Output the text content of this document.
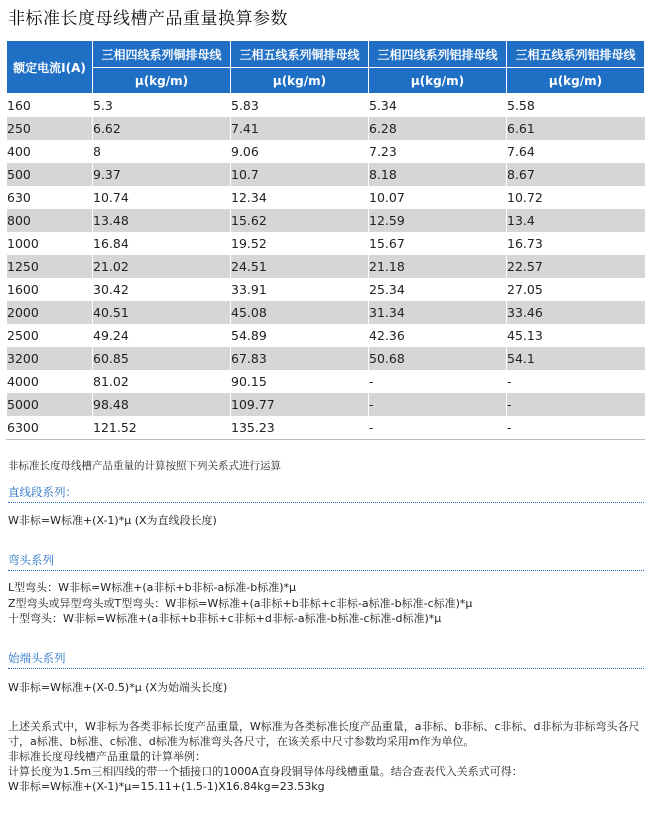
非标准长度母线槽产品重量换算参数
额定电流I(A)	三相四线系列铜排母线	三相五线系列铜排母线	三相四线系列铝排母线	三相五线系列铝排母线
	μ(kg/m)	μ(kg/m)	μ(kg/m)	μ(kg/m)
160	5.3	5.83	5.34	5.58
250	6.62	7.41	6.28	6.61
400	8	9.06	7.23	7.64
500	9.37	10.7	8.18	8.67
630	10.74	12.34	10.07	10.72
800	13.48	15.62	12.59	13.4
1000	16.84	19.52	15.67	16.73
1250	21.02	24.51	21.18	22.57
1600	30.42	33.91	25.34	27.05
2000	40.51	45.08	31.34	33.46
2500	49.24	54.89	42.36	45.13
3200	60.85	67.83	50.68	54.1
4000	81.02	90.15	-	-
5000	98.48	109.77	-	-
6300	121.52	135.23	-	-
非标准长度母线槽产品重量的计算按照下列关系式进行运算
直线段系列：
W非标=W标准+(X-1)*μ (X为直线段长度)
弯头系列
L型弯头：W非标=W标准+(a非标+b非标-a标准-b标准)*μ
Z型弯头或异型弯头或T型弯头：W非标=W标准+(a非标+b非标+c非标-a标准-b标准-c标准)*μ
十型弯头：W非标=W标准+(a非标+b非标+c非标+d非标-a标准-b标准-c标准-d标准)*μ
始端头系列
W非标=W标准+(X-0.5)*μ (X为始端头长度)
上述关系式中，W非标为各类非标长度产品重量，W标准为各类标准长度产品重量，a非标、b非标、c非标、d非标为非标弯头各尺
寸，a标准、b标准、c标准、d标准为标准弯头各尺寸，在该关系中尺寸参数均采用m作为单位。
非标准长度母线槽产品重量的计算举例：
计算长度为1.5m三相四线的带一个插接口的1000A直身段铜导体母线槽重量。结合查表代入关系式可得：
W非标=W标准+(X-1)*μ=15.11+(1.5-1)X16.84kg=23.53kg
